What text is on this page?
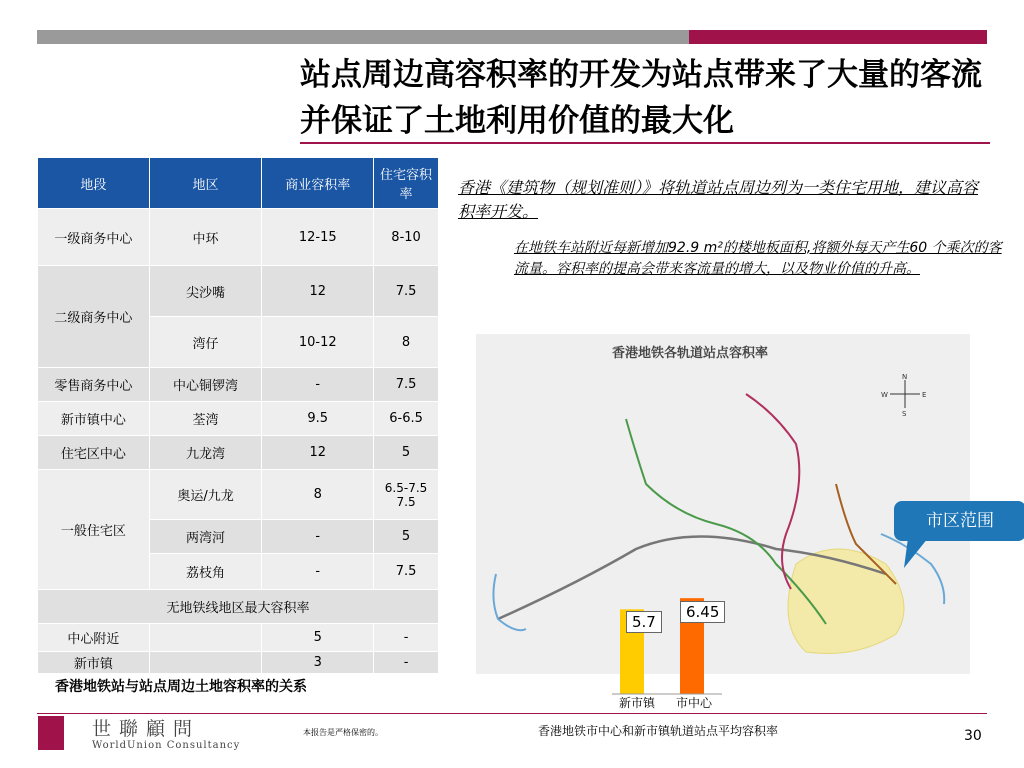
站点周边高容积率的开发为站点带来了大量的客流并保证了土地利用价值的最大化
地段	地区	商业容积率	住宅容积率
一级商务中心	中环	12-15	8-10
二级商务中心	尖沙嘴	12	7.5
	湾仔	10-12	8
零售商务中心	中心铜锣湾	-	7.5
新市镇中心	荃湾	9.5	6-6.5
住宅区中心	九龙湾	12	5
一般住宅区	奥运/九龙	8	6.5-7.5 7.5
	两湾河	-	5
	荔枝角	-	7.5
无地铁线地区最大容积率			
中心附近		5	-
新市镇		3	-
香港地铁站与站点周边土地容积率的关系
香港《建筑物（规划准则）》将轨道站点周边列为一类住宅用地，建议高容积率开发。
在地铁车站附近每新增加92.9 m²的楼地板面积,将额外每天产生60 个乘次的客流量。容积率的提高会带来客流量的增大，以及物业价值的升高。
香港地铁各轨道站点容积率
N
S
E
W
市区范围
5.7
6.45
新市镇 市中心
世聯顧問
WorldUnion Consultancy
本报告是严格保密的。	香港地铁市中心和新市镇轨道站点平均容积率	30
